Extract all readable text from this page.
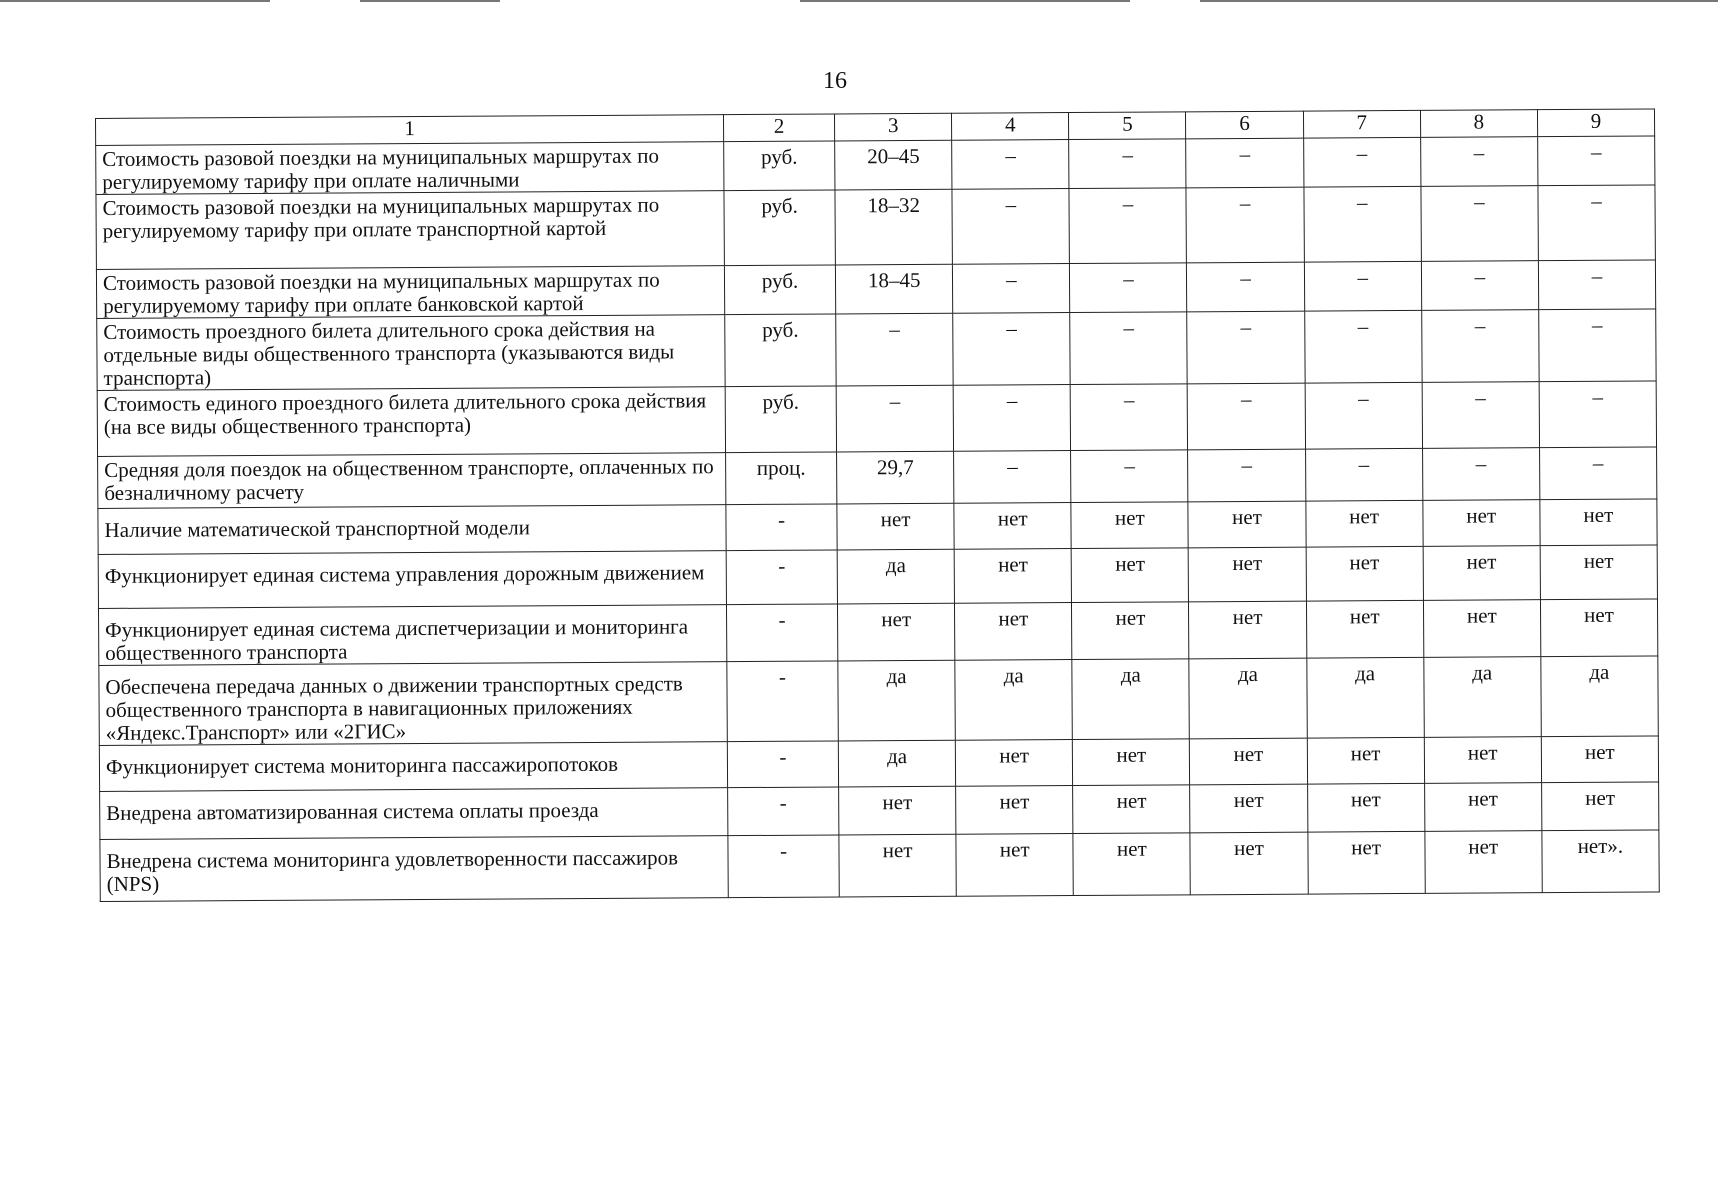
16
1	2	3	4	5	6	7	8	9
Стоимость разовой поездки на муниципальных маршрутах по регулируемому тарифу при оплате наличными	руб.	20–45	–	–	–	–	–	–
Стоимость разовой поездки на муниципальных маршрутах по регулируемому тарифу при оплате транспортной картой	руб.	18–32	–	–	–	–	–	–
Стоимость разовой поездки на муниципальных маршрутах по регулируемому тарифу при оплате банковской картой	руб.	18–45	–	–	–	–	–	–
Стоимость проездного билета длительного срока действия на отдельные виды общественного транспорта (указываются виды транспорта)	руб.	–	–	–	–	–	–	–
Стоимость единого проездного билета длительного срока действия (на все виды общественного транспорта)	руб.	–	–	–	–	–	–	–
Средняя доля поездок на общественном транспорте, оплаченных по безналичному расчету	проц.	29,7	–	–	–	–	–	–
Наличие математической транспортной модели	-	нет	нет	нет	нет	нет	нет	нет
Функционирует единая система управления дорожным движением	-	да	нет	нет	нет	нет	нет	нет
Функционирует единая система диспетчеризации и мониторинга общественного транспорта	-	нет	нет	нет	нет	нет	нет	нет
Обеспечена передача данных о движении транспортных средств общественного транспорта в навигационных приложениях «Яндекс.Транспорт» или «2ГИС»	-	да	да	да	да	да	да	да
Функционирует система мониторинга пассажиропотоков	-	да	нет	нет	нет	нет	нет	нет
Внедрена автоматизированная система оплаты проезда	-	нет	нет	нет	нет	нет	нет	нет
Внедрена система мониторинга удовлетворенности пассажиров (NPS)	-	нет	нет	нет	нет	нет	нет	нет».
